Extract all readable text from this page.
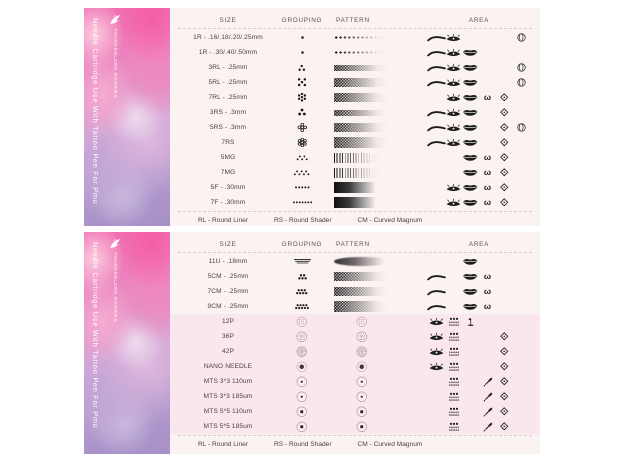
THUNDERLORD POWER®
Needle Cartridge Use With Tattoo Pen For Pmu	SIZE	GROUPING	PATTERN	AREA
1R - .16/.18/.20/.25mm
1R - .30/.40/.50mm
3RL - .25mm
5RL - .25mm
7RL - .25mm	ω
3RS - .3mm
5RS - .3mm
7RS
5MG	ω
7MG	ω
5F - .30mm	ω
7F - .30mm	ω
RL - Round Liner	RS - Round Shader	CM - Curved Magnum
THUNDERLORD POWER®
Needle Cartridge Use With Tattoo Pen For Pmu	SIZE	GROUPING	PATTERN	AREA
11U - .18mm
5CM - .25mm	ω
7CM - .25mm	ω
9CM - .25mm	ω
12P
36P
42P
NANO NEEDLE
MTS 3*3 110um
MTS 3*3 185um
MTS 5*5 110um
MTS 5*5 185um
RL - Round Liner	RS - Round Shader	CM - Curved Magnum
